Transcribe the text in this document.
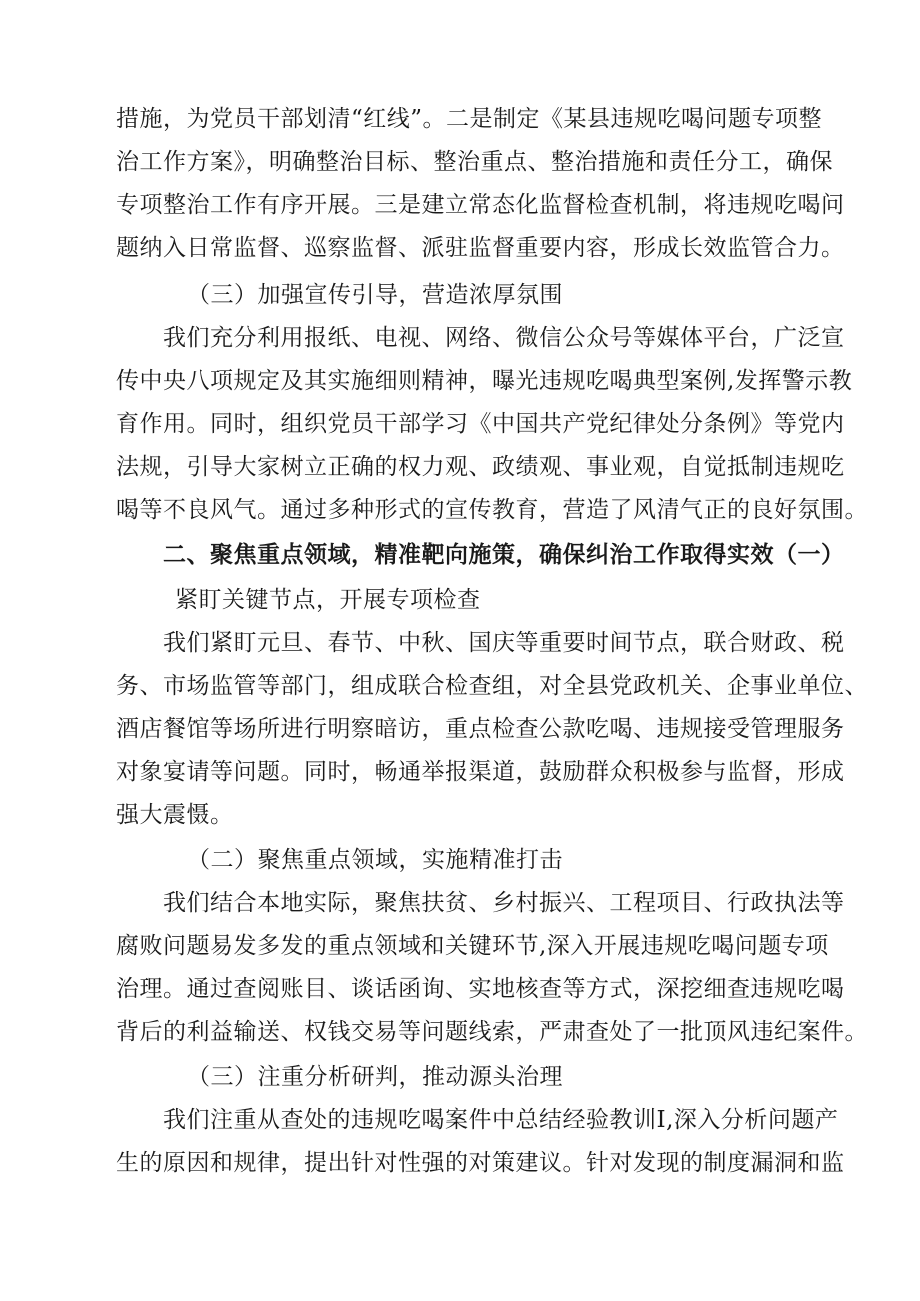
措施，为党员干部划清“红线”。二是制定《某县违规吃喝问题专项整
治工作方案》，明确整治目标、整治重点、整治措施和责任分工，确保
专项整治工作有序开展。三是建立常态化监督检查机制，将违规吃喝问
题纳入日常监督、巡察监督、派驻监督重要内容，形成长效监管合力。
（三）加强宣传引导，营造浓厚氛围
我们充分利用报纸、电视、网络、微信公众号等媒体平台，广泛宣
传中央八项规定及其实施细则精神，曝光违规吃喝典型案例,发挥警示教
育作用。同时，组织党员干部学习《中国共产党纪律处分条例》等党内
法规，引导大家树立正确的权力观、政绩观、事业观，自觉抵制违规吃
喝等不良风气。通过多种形式的宣传教育，营造了风清气正的良好氛围。
二、聚焦重点领域，精准靶向施策，确保纠治工作取得实效（一）
紧盯关键节点，开展专项检查
我们紧盯元旦、春节、中秋、国庆等重要时间节点，联合财政、税
务、市场监管等部门，组成联合检查组，对全县党政机关、企事业单位、
酒店餐馆等场所进行明察暗访，重点检查公款吃喝、违规接受管理服务
对象宴请等问题。同时，畅通举报渠道，鼓励群众积极参与监督，形成
强大震慑。
（二）聚焦重点领域，实施精准打击
我们结合本地实际，聚焦扶贫、乡村振兴、工程项目、行政执法等
腐败问题易发多发的重点领域和关键环节,深入开展违规吃喝问题专项
治理。通过查阅账目、谈话函询、实地核查等方式，深挖细查违规吃喝
背后的利益输送、权钱交易等问题线索，严肃查处了一批顶风违纪案件。
（三）注重分析研判，推动源头治理
我们注重从查处的违规吃喝案件中总结经验教训I,深入分析问题产
生的原因和规律，提出针对性强的对策建议。针对发现的制度漏洞和监
